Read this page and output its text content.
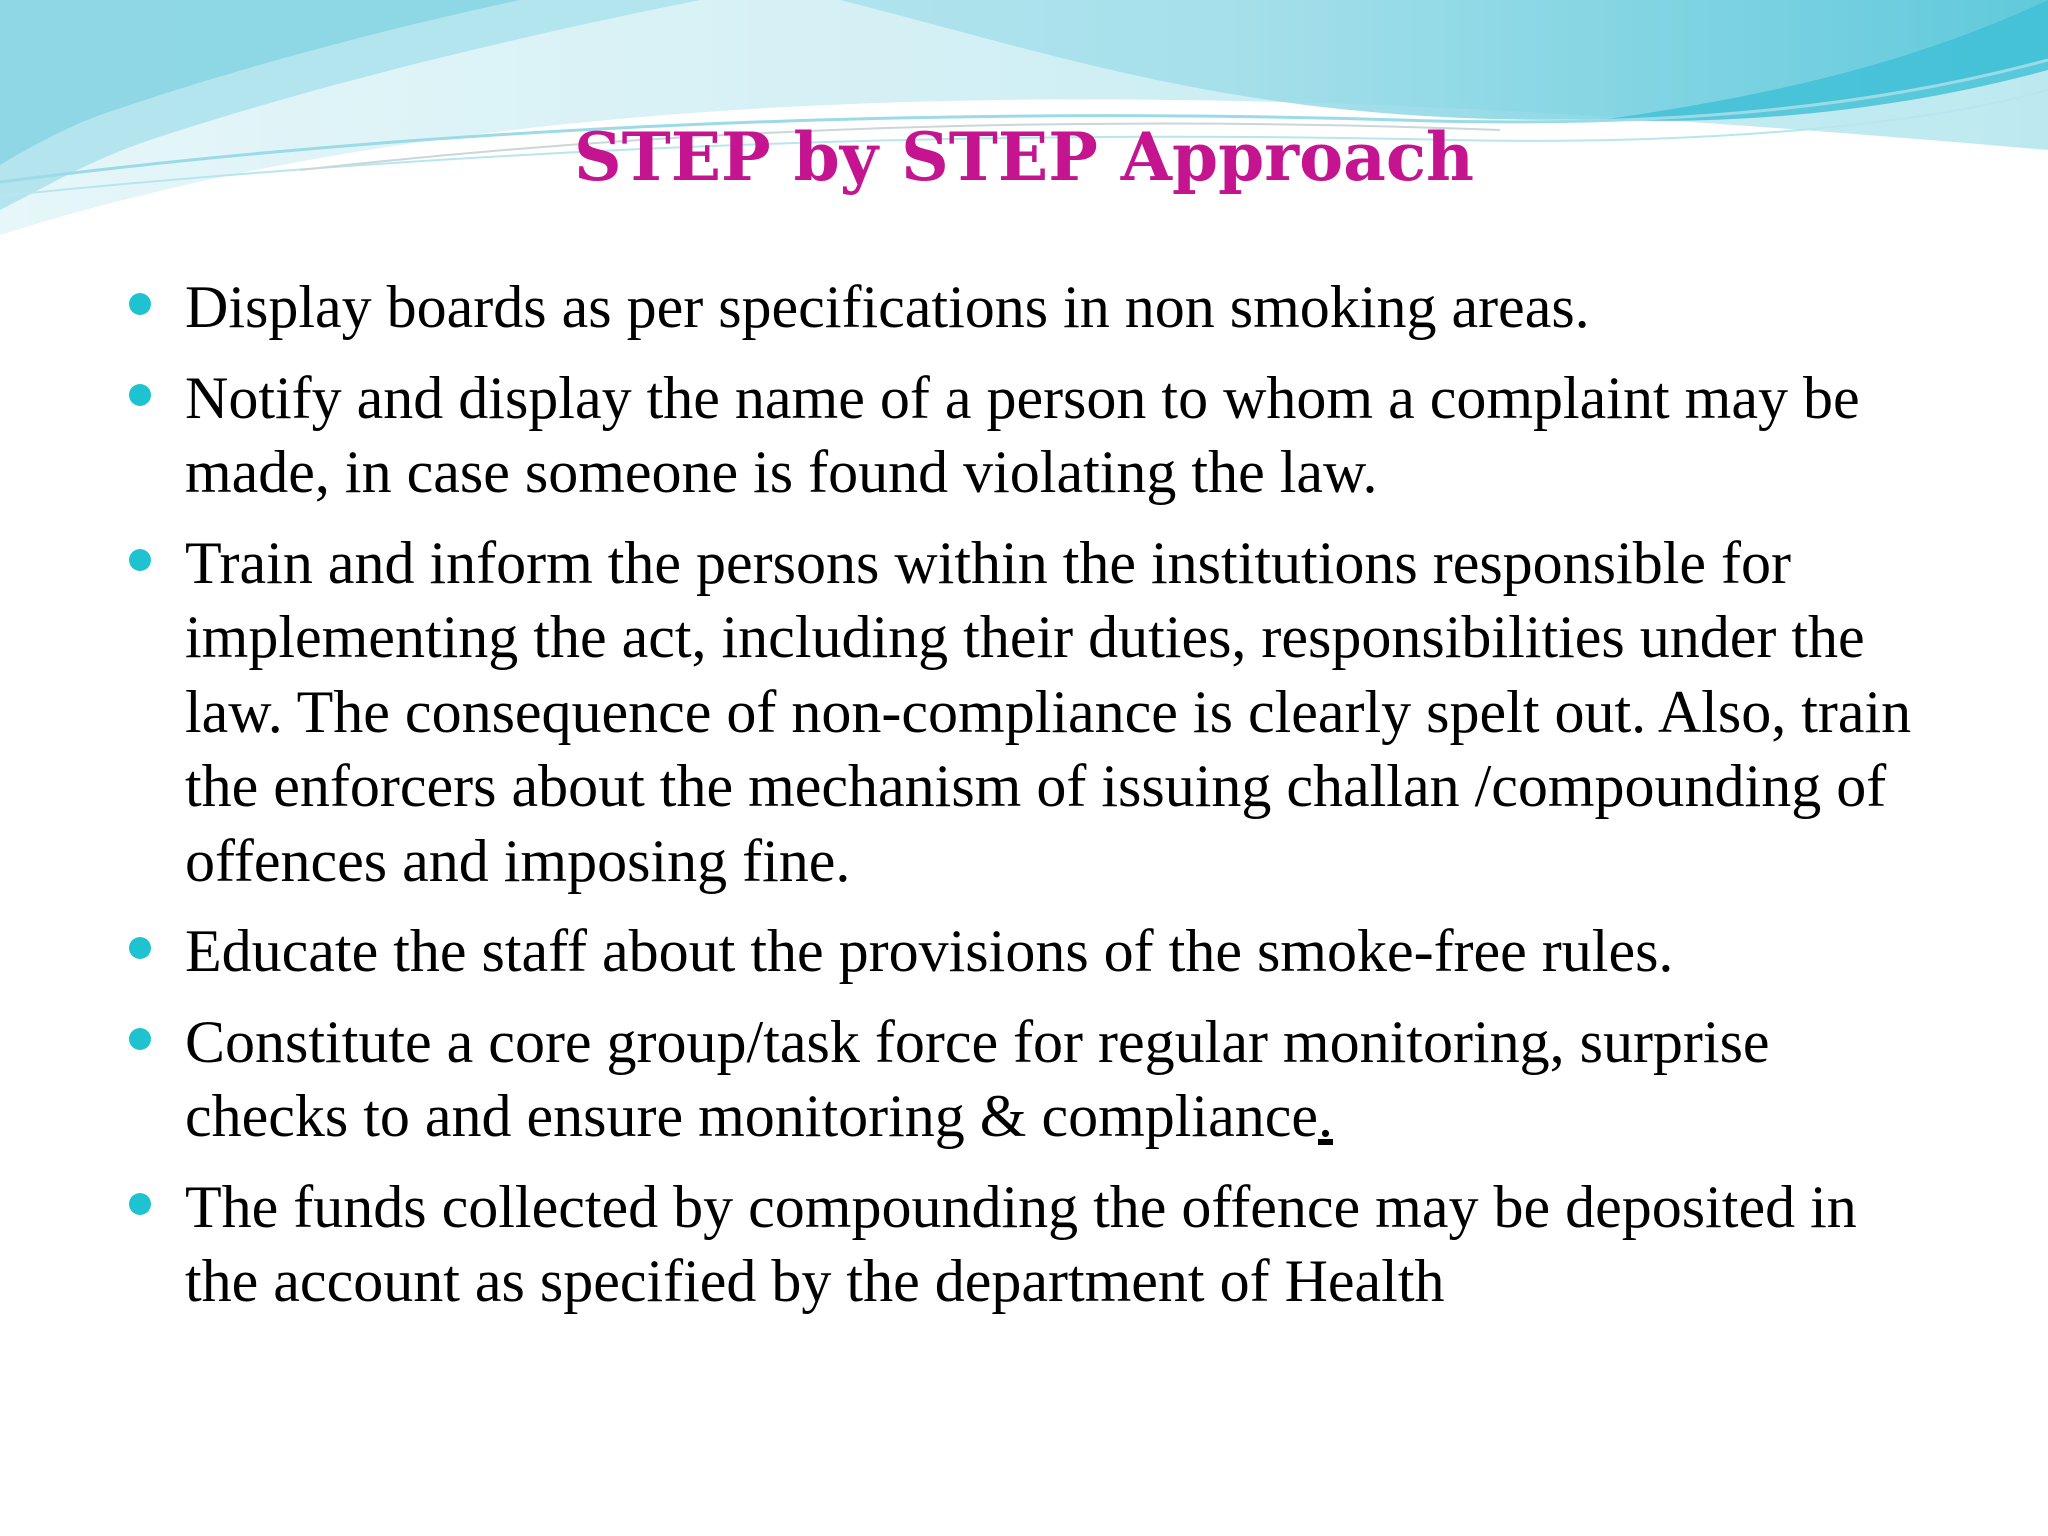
STEP by STEP Approach
Display boards as per specifications in non smoking areas.
Notify and display the name of a person to whom a complaint may be made, in case someone is found violating the law.
Train and inform the persons within the institutions responsible for implementing the act, including their duties, responsibilities under the law. The consequence of non-compliance is clearly spelt out. Also, train the enforcers about the mechanism of issuing challan /compounding of offences and imposing fine.
Educate the staff about the provisions of the smoke-free rules.
Constitute a core group/task force for regular monitoring, surprise checks to and ensure monitoring & compliance.
The funds collected by compounding the offence may be deposited in the account as specified by the department of Health
